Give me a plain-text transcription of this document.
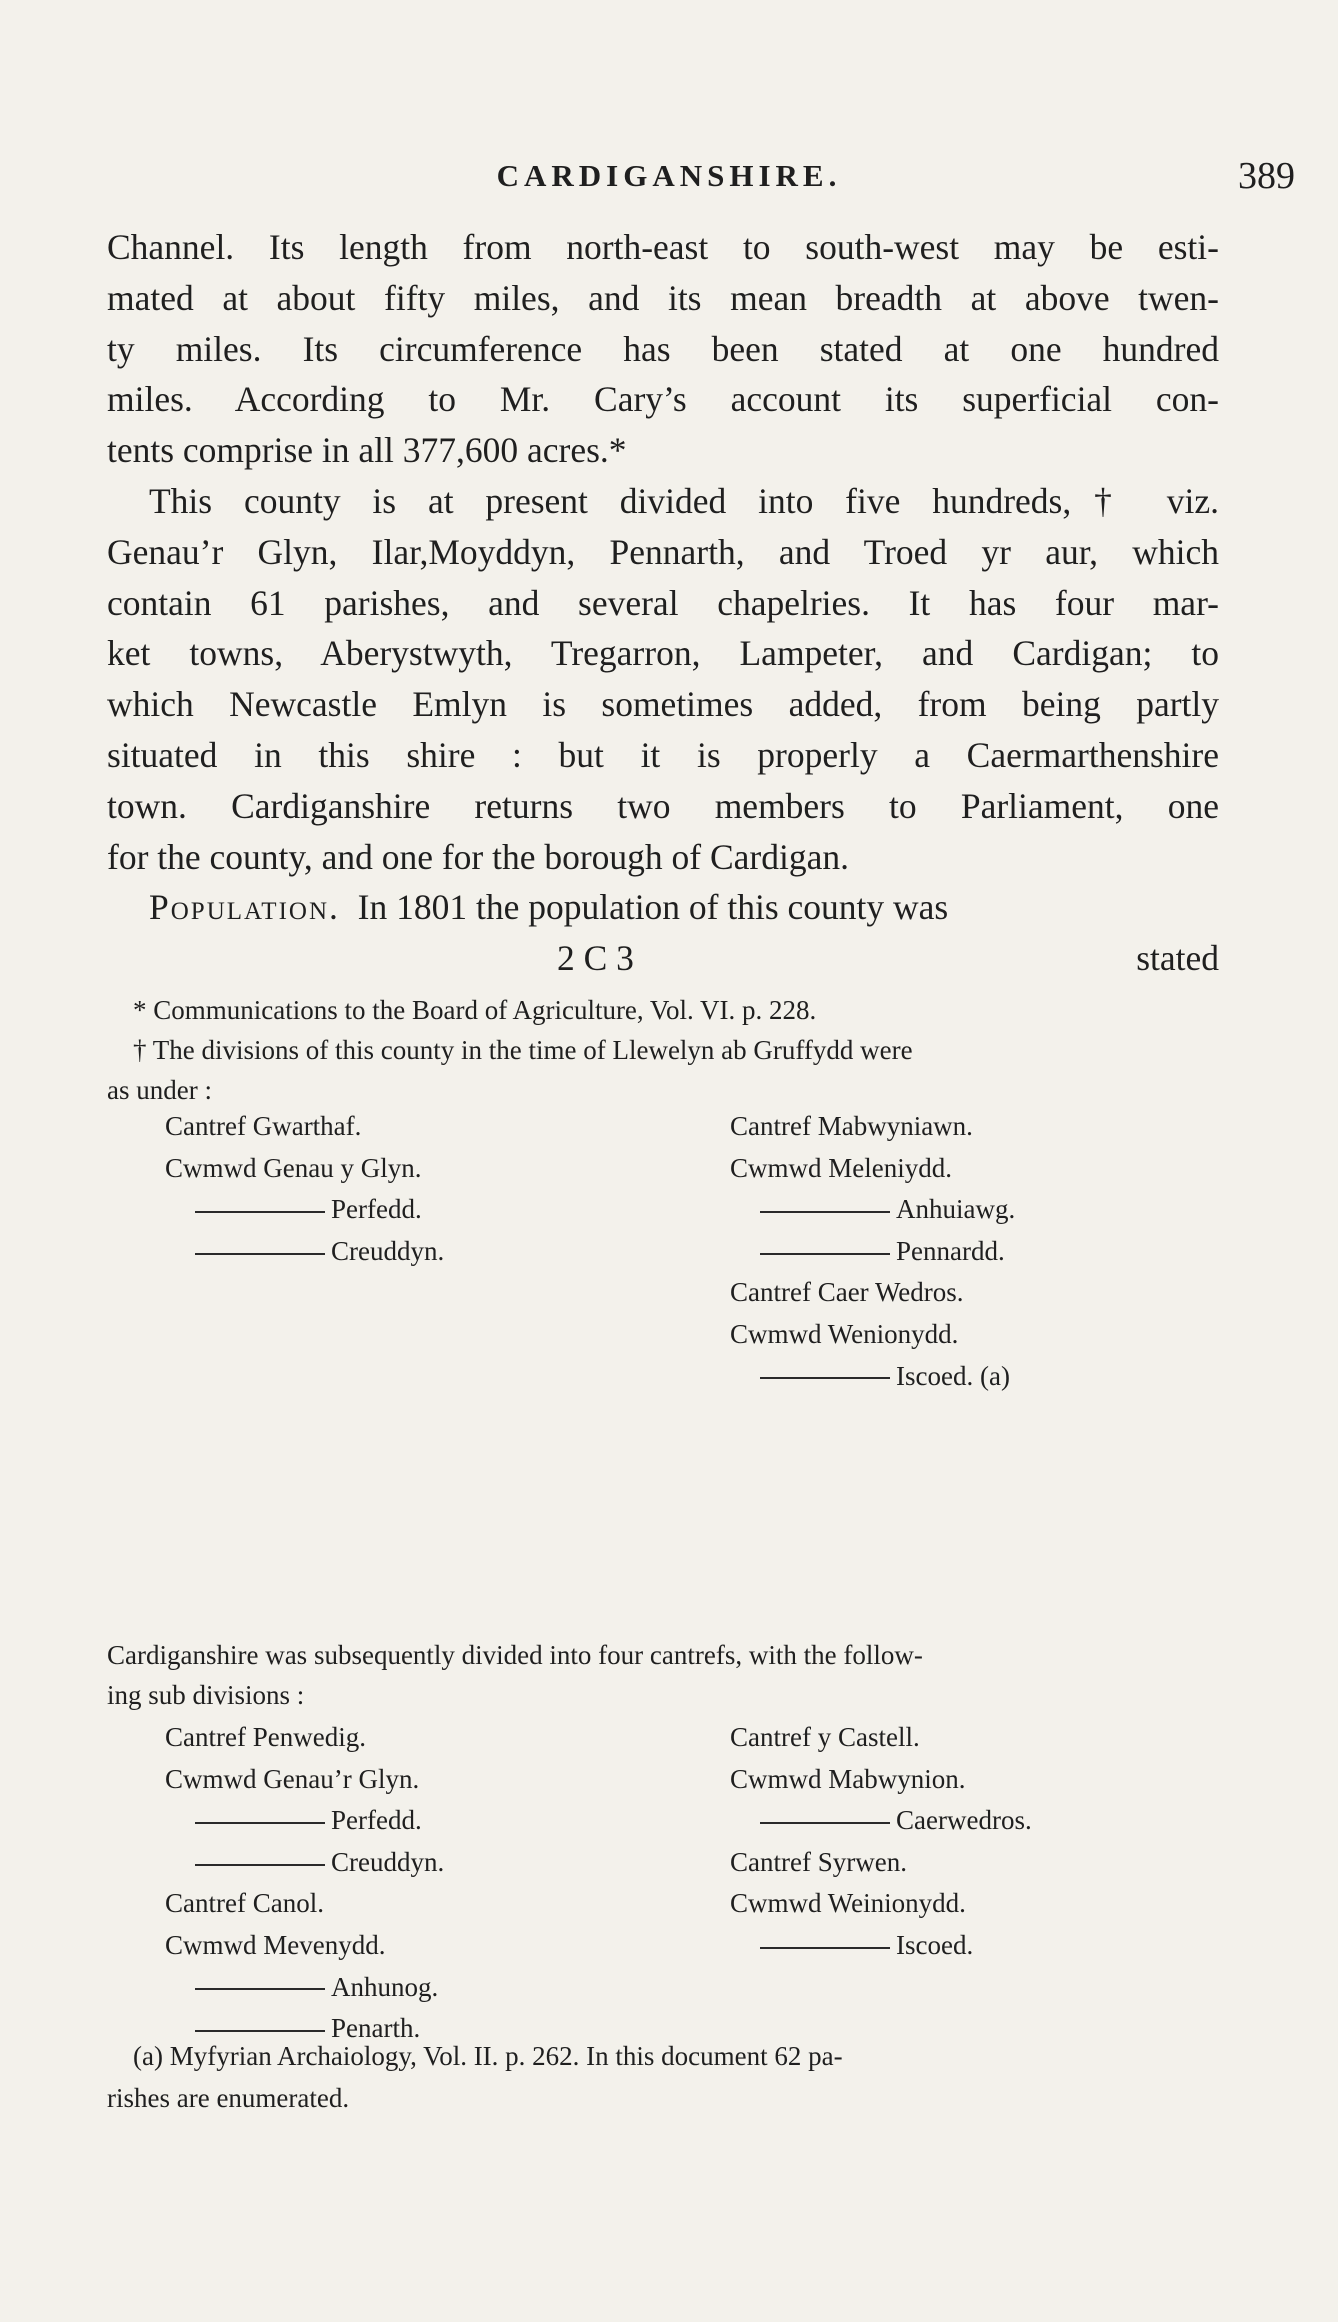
CARDIGANSHIRE.	389
Channel. Its length from north-east to south-west may be esti-
mated at about fifty miles, and its mean breadth at above twen-
ty miles. Its circumference has been stated at one hundred
miles. According to Mr. Cary’s account its superficial con-
tents comprise in all 377,600 acres.*
This county is at present divided into five hundreds,† viz.
Genau’r Glyn, Ilar,Moyddyn, Pennarth, and Troed yr aur, which
contain 61 parishes, and several chapelries. It has four mar-
ket towns, Aberystwyth, Tregarron, Lampeter, and Cardigan; to
which Newcastle Emlyn is sometimes added, from being partly
situated in this shire : but it is properly a Caermarthenshire
town. Cardiganshire returns two members to Parliament, one
for the county, and one for the borough of Cardigan.
Population. In 1801 the population of this county was
2 C 3	stated
* Communications to the Board of Agriculture, Vol. VI. p. 228.
† The divisions of this county in the time of Llewelyn ab Gruffydd were
as under :
Cantref Gwarthaf.
Cwmwd Genau y Glyn.
Perfedd.
Creuddyn.
Cantref Mabwyniawn.
Cwmwd Meleniydd.
Anhuiawg.
Pennardd.
Cantref Caer Wedros.
Cwmwd Wenionydd.
Iscoed. (a)
Cardiganshire was subsequently divided into four cantrefs, with the follow-
ing sub divisions :
Cantref Penwedig.
Cwmwd Genau’r Glyn.
Perfedd.
Creuddyn.
Cantref Canol.
Cwmwd Mevenydd.
Anhunog.
Penarth.
Cantref y Castell.
Cwmwd Mabwynion.
Caerwedros.
Cantref Syrwen.
Cwmwd Weinionydd.
Iscoed.
(a) Myfyrian Archaiology, Vol. II. p. 262. In this document 62 pa-
rishes are enumerated.
